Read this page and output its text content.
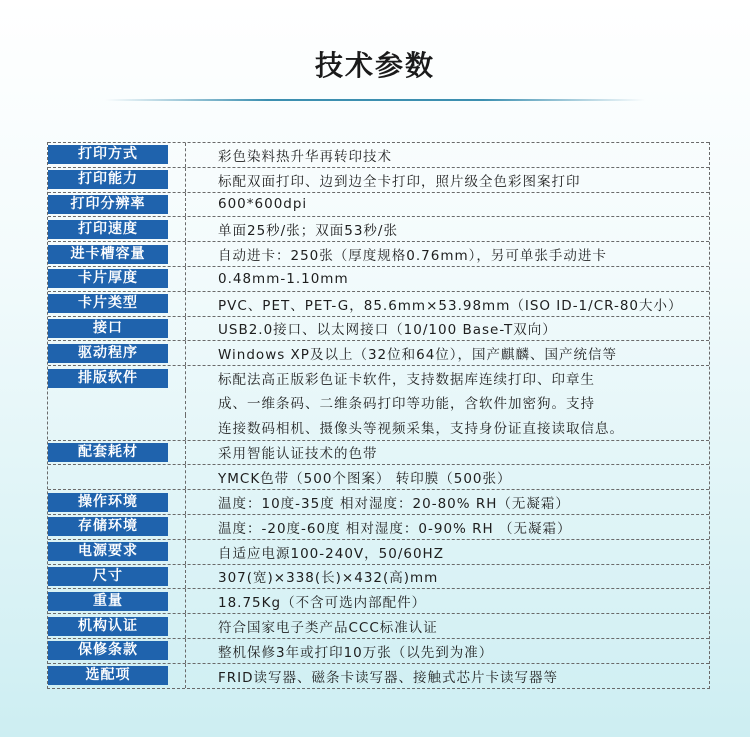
技术参数
打印方式	彩色染料热升华再转印技术
打印能力	标配双面打印、边到边全卡打印，照片级全色彩图案打印
打印分辨率	600*600dpi
打印速度	单面25秒/张；双面53秒/张
进卡槽容量	自动进卡：250张（厚度规格0.76mm），另可单张手动进卡
卡片厚度	0.48mm-1.10mm
卡片类型	PVC、PET、PET-G，85.6mm×53.98mm（ISO ID-1/CR-80大小）
接口	USB2.0接口、以太网接口（10/100 Base-T双向）
驱动程序	Windows XP及以上（32位和64位），国产麒麟、国产统信等
排版软件	标配法高正版彩色证卡软件，支持数据库连续打印、印章生
成、一维条码、二维条码打印等功能，含软件加密狗。支持
连接数码相机、摄像头等视频采集，支持身份证直接读取信息。
配套耗材	采用智能认证技术的色带
YMCK色带（500个图案） 转印膜（500张）
操作环境	温度：10度-35度 相对湿度：20-80% RH（无凝霜）
存储环境	温度：-20度-60度 相对湿度：0-90% RH （无凝霜）
电源要求	自适应电源100-240V，50/60HZ
尺寸	307(宽)×338(长)×432(高)mm
重量	18.75Kg（不含可选内部配件）
机构认证	符合国家电子类产品CCC标准认证
保修条款	整机保修3年或打印10万张（以先到为准）
选配项	FRID读写器、磁条卡读写器、接触式芯片卡读写器等
